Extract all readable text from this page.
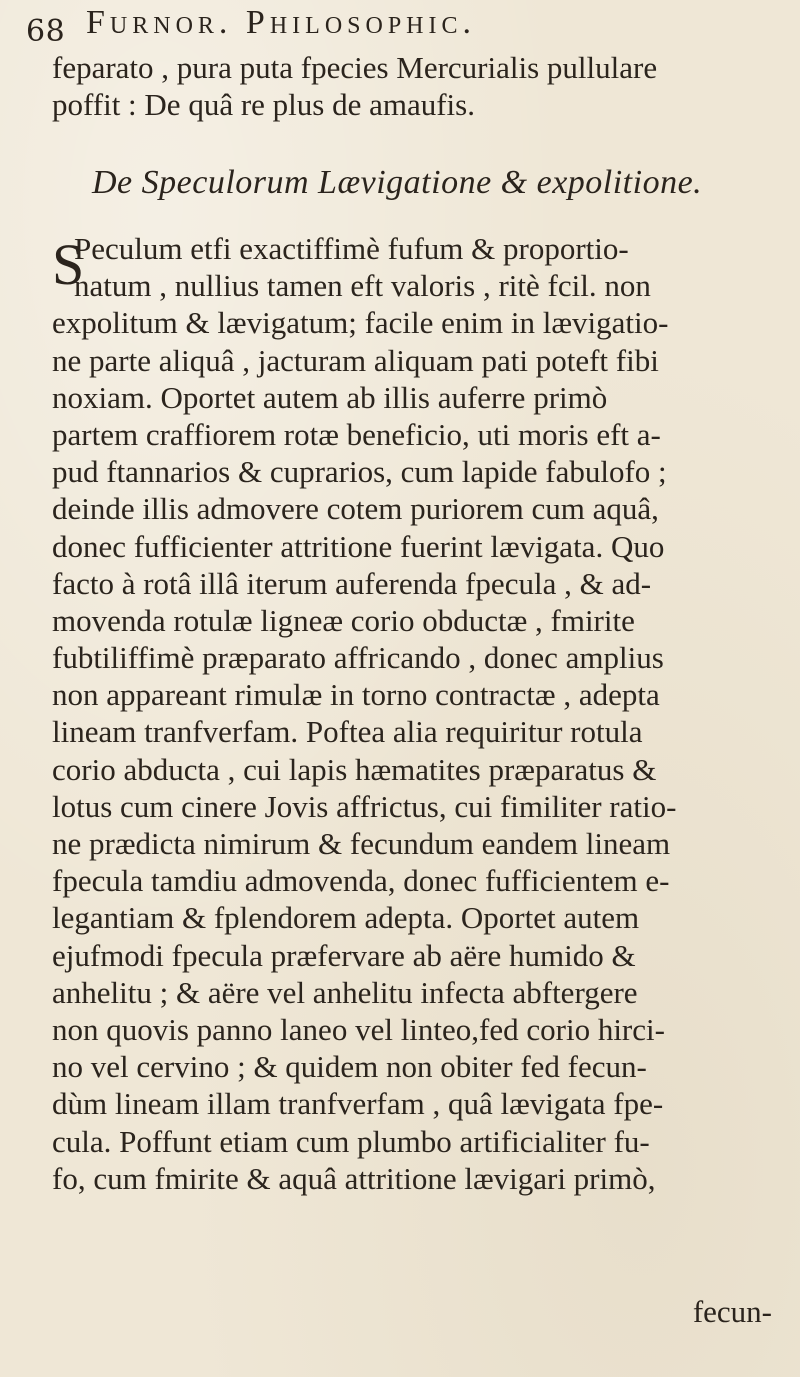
68 Furnor. Philosophic.
feparato , pura puta fpecies Mercurialis pullulare
poffit : De quâ re plus de amaufis.
De Speculorum Lævigatione & expolitione.
S
Peculum etfi exactiffimè fufum & proportio-
natum , nullius tamen eft valoris , ritè fcil. non
expolitum & lævigatum; facile enim in lævigatio-
ne parte aliquâ , jacturam aliquam pati poteft fibi
noxiam. Oportet autem ab illis auferre primò
partem craffiorem rotæ beneficio, uti moris eft a-
pud ftannarios & cuprarios, cum lapide fabulofo ;
deinde illis admovere cotem puriorem cum aquâ,
donec fufficienter attritione fuerint lævigata. Quo
facto à rotâ illâ iterum auferenda fpecula , & ad-
movenda rotulæ ligneæ corio obductæ , fmirite
fubtiliffimè præparato affricando , donec amplius
non appareant rimulæ in torno contractæ , adepta
lineam tranfverfam. Poftea alia requiritur rotula
corio abducta , cui lapis hæmatites præparatus &
lotus cum cinere Jovis affrictus, cui fimiliter ratio-
ne prædicta nimirum & fecundum eandem lineam
fpecula tamdiu admovenda, donec fufficientem e-
legantiam & fplendorem adepta. Oportet autem
ejufmodi fpecula præfervare ab aëre humido &
anhelitu ; & aëre vel anhelitu infecta abftergere
non quovis panno laneo vel linteo,fed corio hirci-
no vel cervino ; & quidem non obiter fed fecun-
dùm lineam illam tranfverfam , quâ lævigata fpe-
cula. Poffunt etiam cum plumbo artificialiter fu-
fo, cum fmirite & aquâ attritione lævigari primò,
fecun-
